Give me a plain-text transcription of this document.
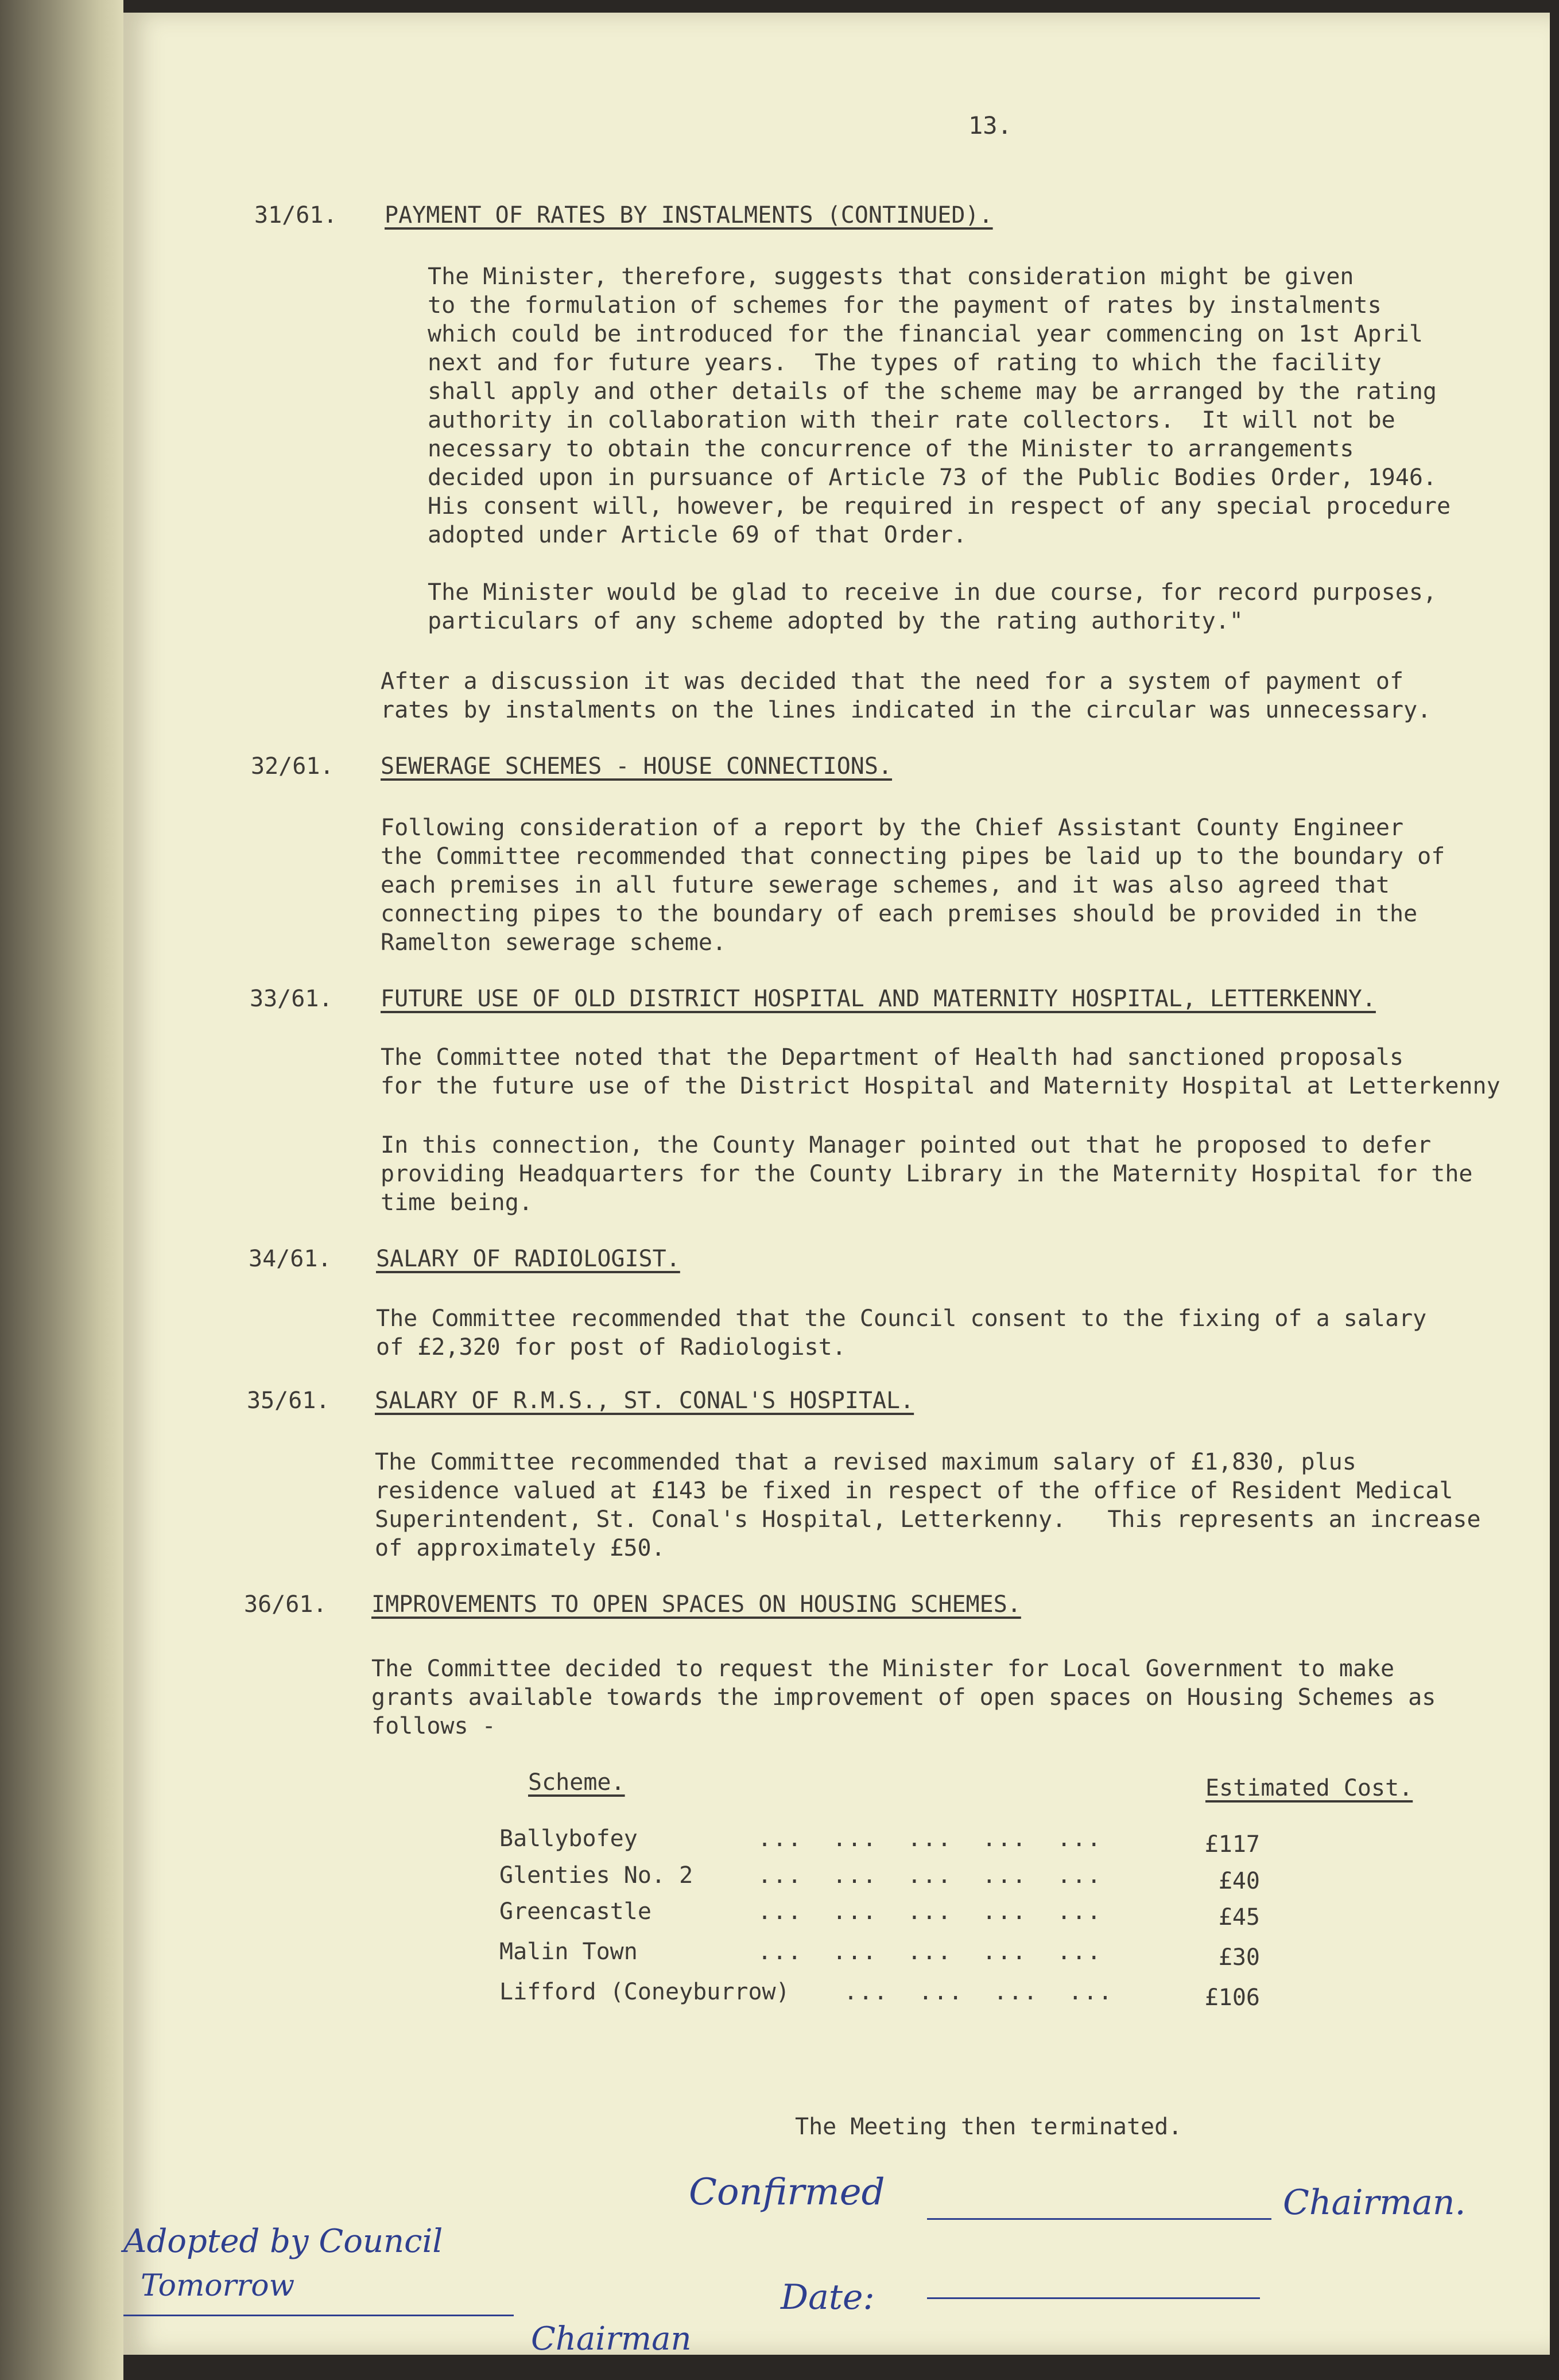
13.
31/61. PAYMENT OF RATES BY INSTALMENTS (CONTINUED).
The Minister, therefore, suggests that consideration might be given
to the formulation of schemes for the payment of rates by instalments
which could be introduced for the financial year commencing on 1st April
next and for future years.  The types of rating to which the facility
shall apply and other details of the scheme may be arranged by the rating
authority in collaboration with their rate collectors.  It will not be
necessary to obtain the concurrence of the Minister to arrangements
decided upon in pursuance of Article 73 of the Public Bodies Order, 1946.
His consent will, however, be required in respect of any special procedure
adopted under Article 69 of that Order.
The Minister would be glad to receive in due course, for record purposes,
particulars of any scheme adopted by the rating authority."
After a discussion it was decided that the need for a system of payment of
rates by instalments on the lines indicated in the circular was unnecessary.
32/61. SEWERAGE SCHEMES - HOUSE CONNECTIONS.
Following consideration of a report by the Chief Assistant County Engineer
the Committee recommended that connecting pipes be laid up to the boundary of
each premises in all future sewerage schemes, and it was also agreed that
connecting pipes to the boundary of each premises should be provided in the
Ramelton sewerage scheme.
33/61. FUTURE USE OF OLD DISTRICT HOSPITAL AND MATERNITY HOSPITAL, LETTERKENNY.
The Committee noted that the Department of Health had sanctioned proposals
for the future use of the District Hospital and Maternity Hospital at Letterkenny
In this connection, the County Manager pointed out that he proposed to defer
providing Headquarters for the County Library in the Maternity Hospital for the
time being.
34/61. SALARY OF RADIOLOGIST.
The Committee recommended that the Council consent to the fixing of a salary
of £2,320 for post of Radiologist.
35/61. SALARY OF R.M.S., ST. CONAL'S HOSPITAL.
The Committee recommended that a revised maximum salary of £1,830, plus
residence valued at £143 be fixed in respect of the office of Resident Medical
Superintendent, St. Conal's Hospital, Letterkenny.   This represents an increase
of approximately £50.
36/61. IMPROVEMENTS TO OPEN SPACES ON HOUSING SCHEMES.
The Committee decided to request the Minister for Local Government to make
grants available towards the improvement of open spaces on Housing Schemes as
follows -
Scheme.	Estimated Cost.
Ballybofey	...  ...  ...  ...  ...	£117
Glenties No. 2	...  ...  ...  ...  ...	£40
Greencastle	...  ...  ...  ...  ...	£45
Malin Town	...  ...  ...  ...  ...	£30
Lifford (Coneyburrow) ...  ...  ...  ...	£106
The Meeting then terminated.
Confirmed	Chairman.
Date:
Adopted by Council
Tomorrow
Chairman
